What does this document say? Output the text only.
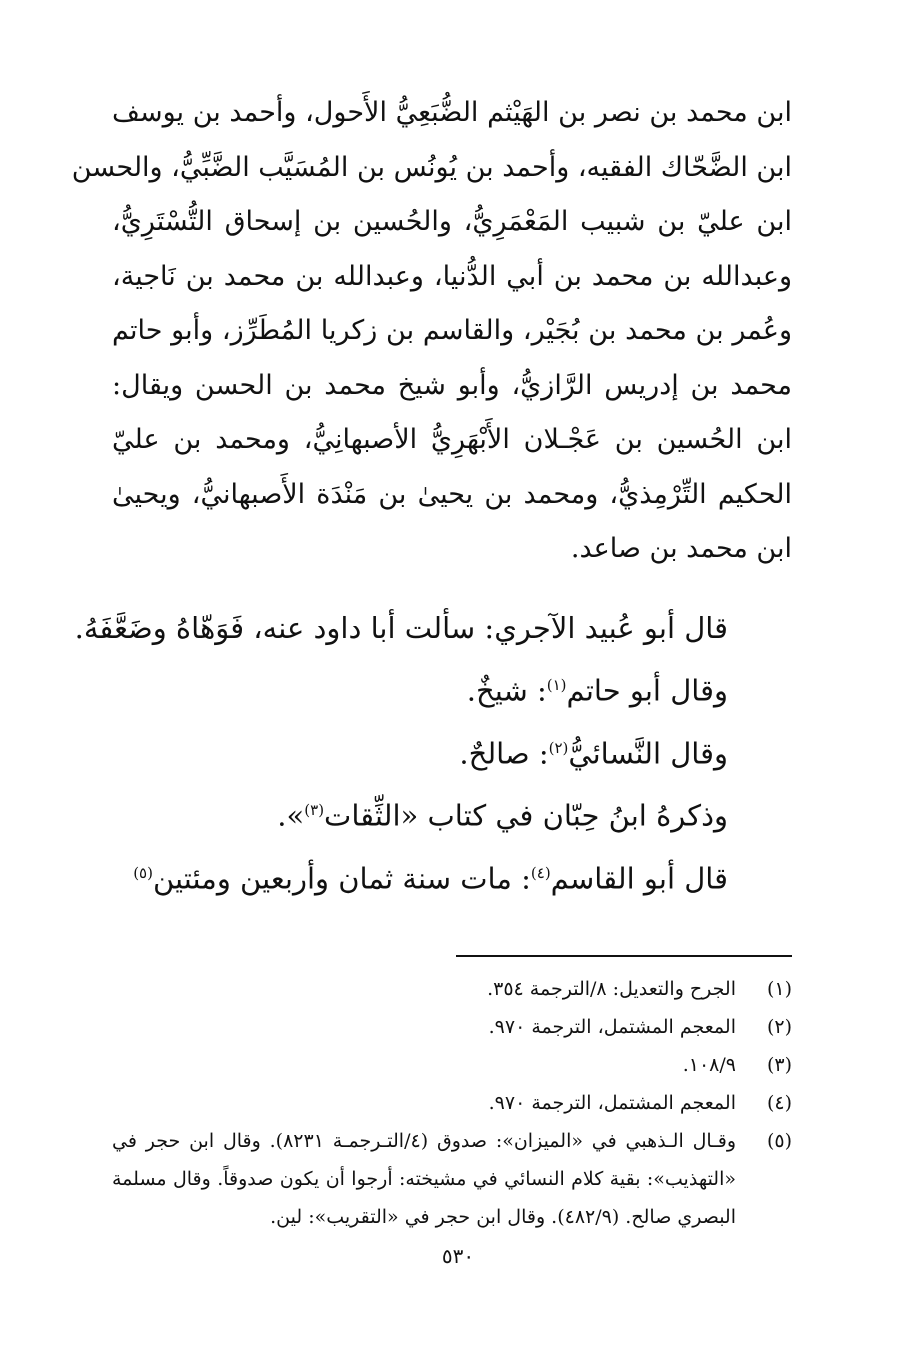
ابن محمد بن نصر بن الهَيْثم الضُّبَعِيُّ الأَحول، وأحمد بن يوسف
ابن الضَّحّاك الفقيه، وأحمد بن يُونُس بن المُسَيَّب الضَّبِّيُّ، والحسن
ابن عليّ بن شبيب المَعْمَرِيُّ، والحُسين بن إسحاق التُّسْتَرِيُّ،
وعبدالله بن محمد بن أبي الدُّنيا، وعبدالله بن محمد بن نَاجية،
وعُمر بن محمد بن بُجَيْر، والقاسم بن زكريا المُطَرِّز، وأبو حاتم
محمد بن إدريس الرَّازيُّ، وأبو شيخ محمد بن الحسن ويقال:
ابن الحُسين بن عَجْـلان الأَبْهَرِيُّ الأصبهانِيُّ، ومحمد بن عليّ
الحكيم التِّرْمِذيُّ، ومحمد بن يحيىٰ بن مَنْدَة الأَصبهانيُّ، ويحيىٰ
ابن محمد بن صاعد.
قال أبو عُبيد الآجري: سألت أبا داود عنه، فَوَهّاهُ وضَعَّفَهُ.
وقال أبو حاتم$^{(١)}$: شيخٌ.
وقال النَّسائيُّ$^{(٢)}$: صالحٌ.
وذكرهُ ابنُ حِبّان في كتاب «الثِّقات$^{(٣)}$».
قال أبو القاسم$^{(٤)}$: مات سنة ثمان وأربعين ومئتين$^{(٥)}$
(١)
الجرح والتعديل: ٨/الترجمة ٣٥٤.
(٢)
المعجم المشتمل، الترجمة ٩٧٠.
(٣)
١٠٨/٩.
(٤)
المعجم المشتمل، الترجمة ٩٧٠.
(٥)
وقـال الـذهبي في «الميزان»: صدوق (٤/التـرجمـة ٨٢٣١). وقال ابن حجر في
«التهذيب»: بقية كلام النسائي في مشيخته: أرجوا أن يكون صدوقاً. وقال مسلمة
البصري صالح. (٤٨٢/٩). وقال ابن حجر في «التقريب»: لين.
٥٣٠
